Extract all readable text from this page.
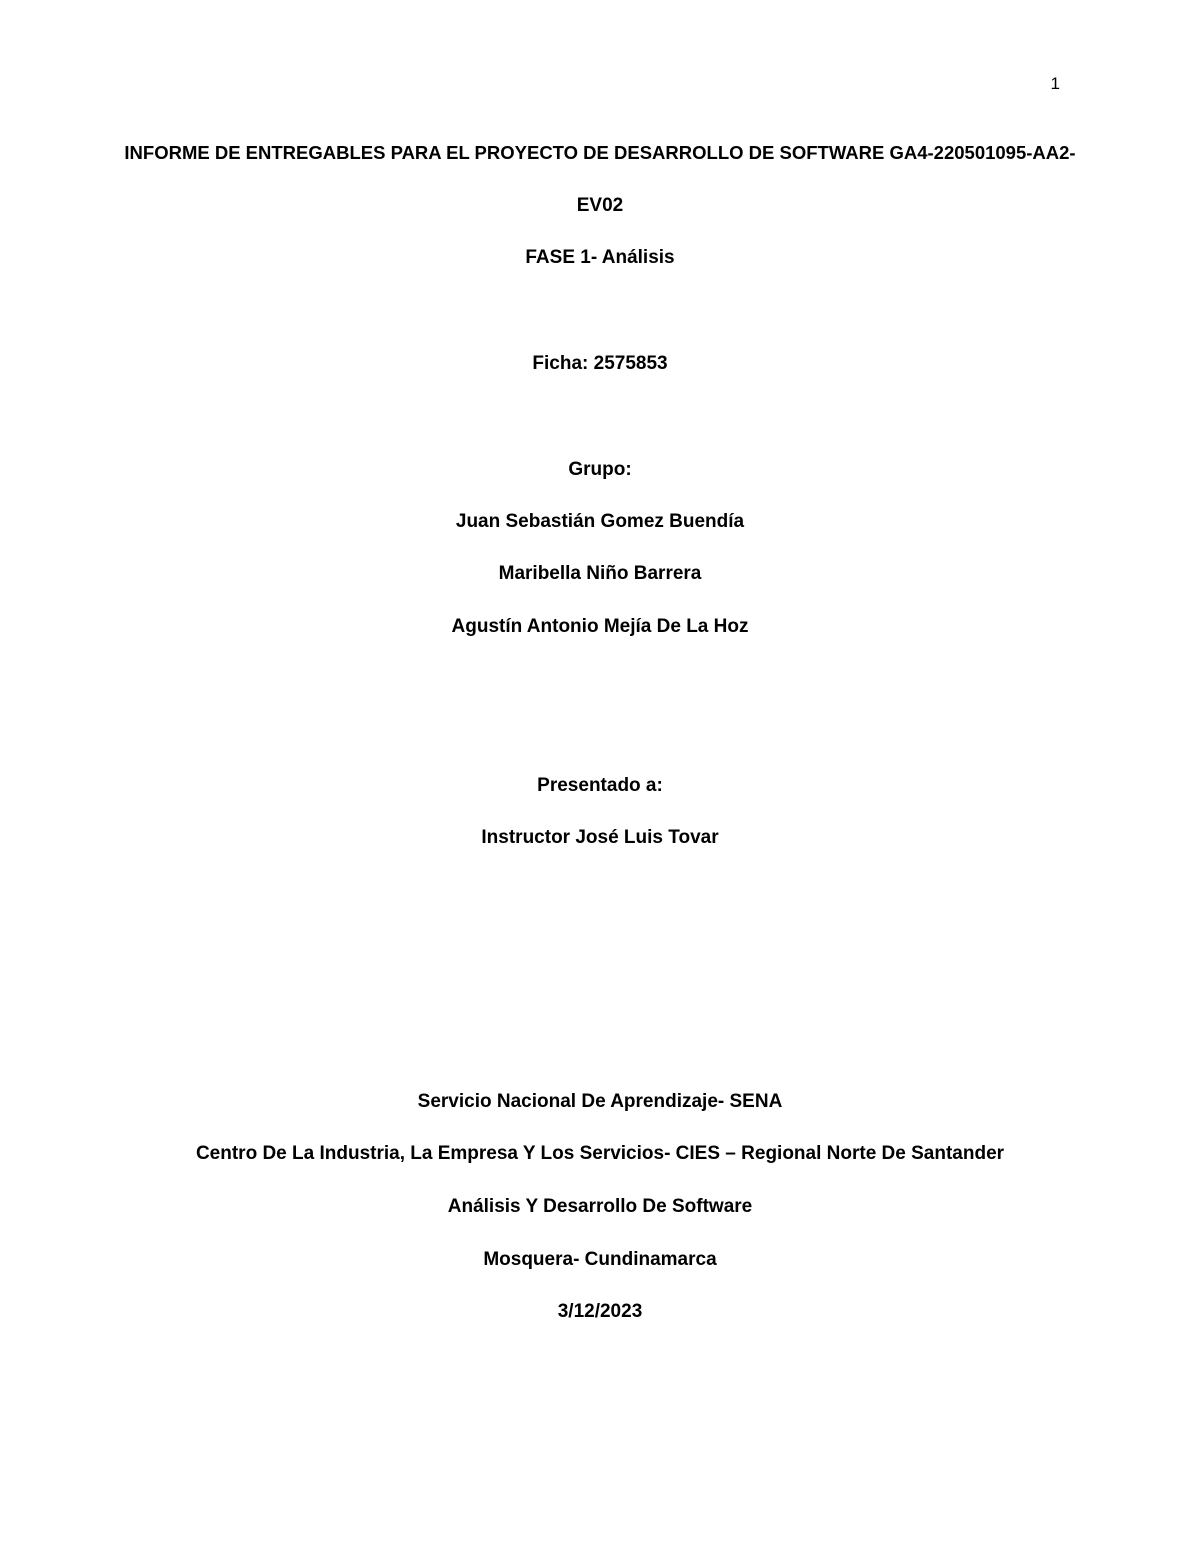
1
INFORME DE ENTREGABLES PARA EL PROYECTO DE DESARROLLO DE SOFTWARE GA4-220501095-AA2-
EV02
FASE 1- Análisis
Ficha: 2575853
Grupo:
Juan Sebastián Gomez Buendía
Maribella Niño Barrera
Agustín Antonio Mejía De La Hoz
Presentado a:
Instructor José Luis Tovar
Servicio Nacional De Aprendizaje- SENA
Centro De La Industria, La Empresa Y Los Servicios- CIES – Regional Norte De Santander
Análisis Y Desarrollo De Software
Mosquera- Cundinamarca
3/12/2023
